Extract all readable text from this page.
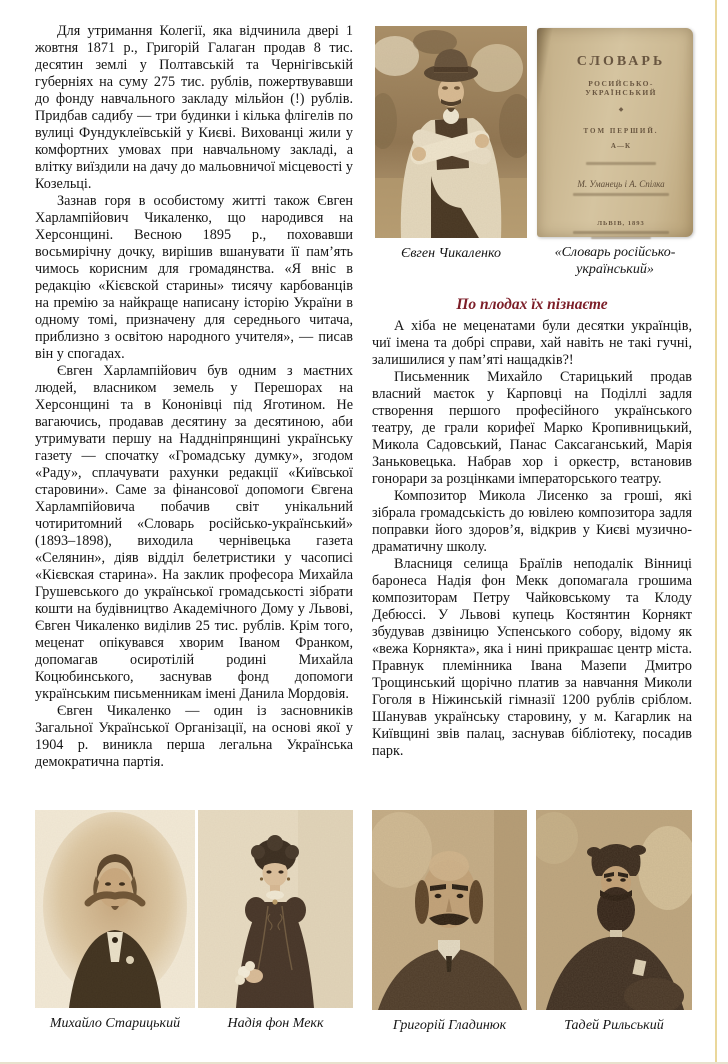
Для утримання Колегії, яка відчинила двері 1 жовтня 1871 р., Григорій Галаган продав 8 тис. десятин землі у Полтавській та Чернігівській губерніях на суму 275 тис. рублів, пожертвувавши до фонду навчального закладу мільйон (!) рублів. Придбав садибу — три будинки і кілька флігелів по вулиці Фундуклеївській у Києві. Вихованці жили у комфортних умовах при навчальному закладі, а влітку виїздили на дачу до мальовничої місцевості у Козельці.

Зазнав горя в особистому житті також Євген Харлампійович Чикаленко, що народився на Херсонщині. Весною 1895 р., поховавши восьмирічну дочку, вирішив вшанувати її пам’ять чимось корисним для громадянства. «Я вніс в редакцію «Кієвской старины» тисячу карбованців на премію за найкраще написану історію України в одному томі, призначену для середнього читача, приблизно з освітою народного учителя», — писав він у спогадах.

Євген Харлампійович був одним з маєтних людей, власником земель у Перешорах на Херсонщині та в Кононівці під Яготином. Не вагаючись, продавав десятину за десятиною, аби утримувати першу на Наддніпрянщині українську газету — спочатку «Громадську думку», згодом «Раду», сплачувати рахунки редакції «Київської старовини». Саме за фінансової допомоги Євгена Харлампійовича побачив світ унікальний чотиритомний «Словарь російсько-український» (1893–1898), виходила чернівецька газета «Селянин», діяв відділ белетристики у часописі «Кієвская старина». На заклик професора Михайла Грушевського до української громадськості зібрати кошти на будівництво Академічного Дому у Львові, Євген Чикаленко виділив 25 тис. рублів. Крім того, меценат опікувався хворим Іваном Франком, допомагав осиротілій родині Михайла Коцюбинського, заснував фонд допомоги українським письменникам імені Данила Мордовія.

Євген Чикаленко — один із засновників Загальної Української Організації, на основі якої у 1904 р. виникла перша легальна Українська демократична партія.

Євген Чикаленко
СЛОВАРЬ
РОСИЙСЬКО-УКРАЇНСЬКИЙ
◆
ТОМ ПЕРШИЙ.
А—К
М. Уманець і А. Спілка
ЛЬВІВ, 1893
«Словарь російсько-
український»
По плодах їх пізнаєте

А хіба не меценатами були десятки українців, чиї імена та добрі справи, хай навіть не такі гучні, залишилися у пам’яті нащадків?!

Письменник Михайло Старицький продав власний маєток у Карповці на Поділлі задля створення першого професійного українського театру, де грали корифеї Марко Кропивницький, Микола Садовський, Панас Саксаганський, Марія Заньковецька. Набрав хор і оркестр, встановив гонорари за розцінками імператорського театру.

Композитор Микола Лисенко за гроші, які зібрала громадськість до ювілею композитора задля поправки його здоров’я, відкрив у Києві музично-драматичну школу.

Власниця селища Браїлів неподалік Вінниці баронеса Надія фон Мекк допомагала грошима композиторам Петру Чайковському та Клоду Дебюссі. У Львові купець Костянтин Корнякт збудував дзвіницю Успенського собору, відому як «вежа Корнякта», яка і нині прикрашає центр міста. Правнук племінника Івана Мазепи Дмитро Трощинський щорічно платив за навчання Миколи Гоголя в Ніжинській гімназії 1200 рублів сріблом. Шанував українську старовину, у м. Кагарлик на Київщині звів палац, заснував бібліотеку, посадив парк.

Михайло Старицький	Надія фон Мекк	Григорій Гладинюк	Тадей Рильський
